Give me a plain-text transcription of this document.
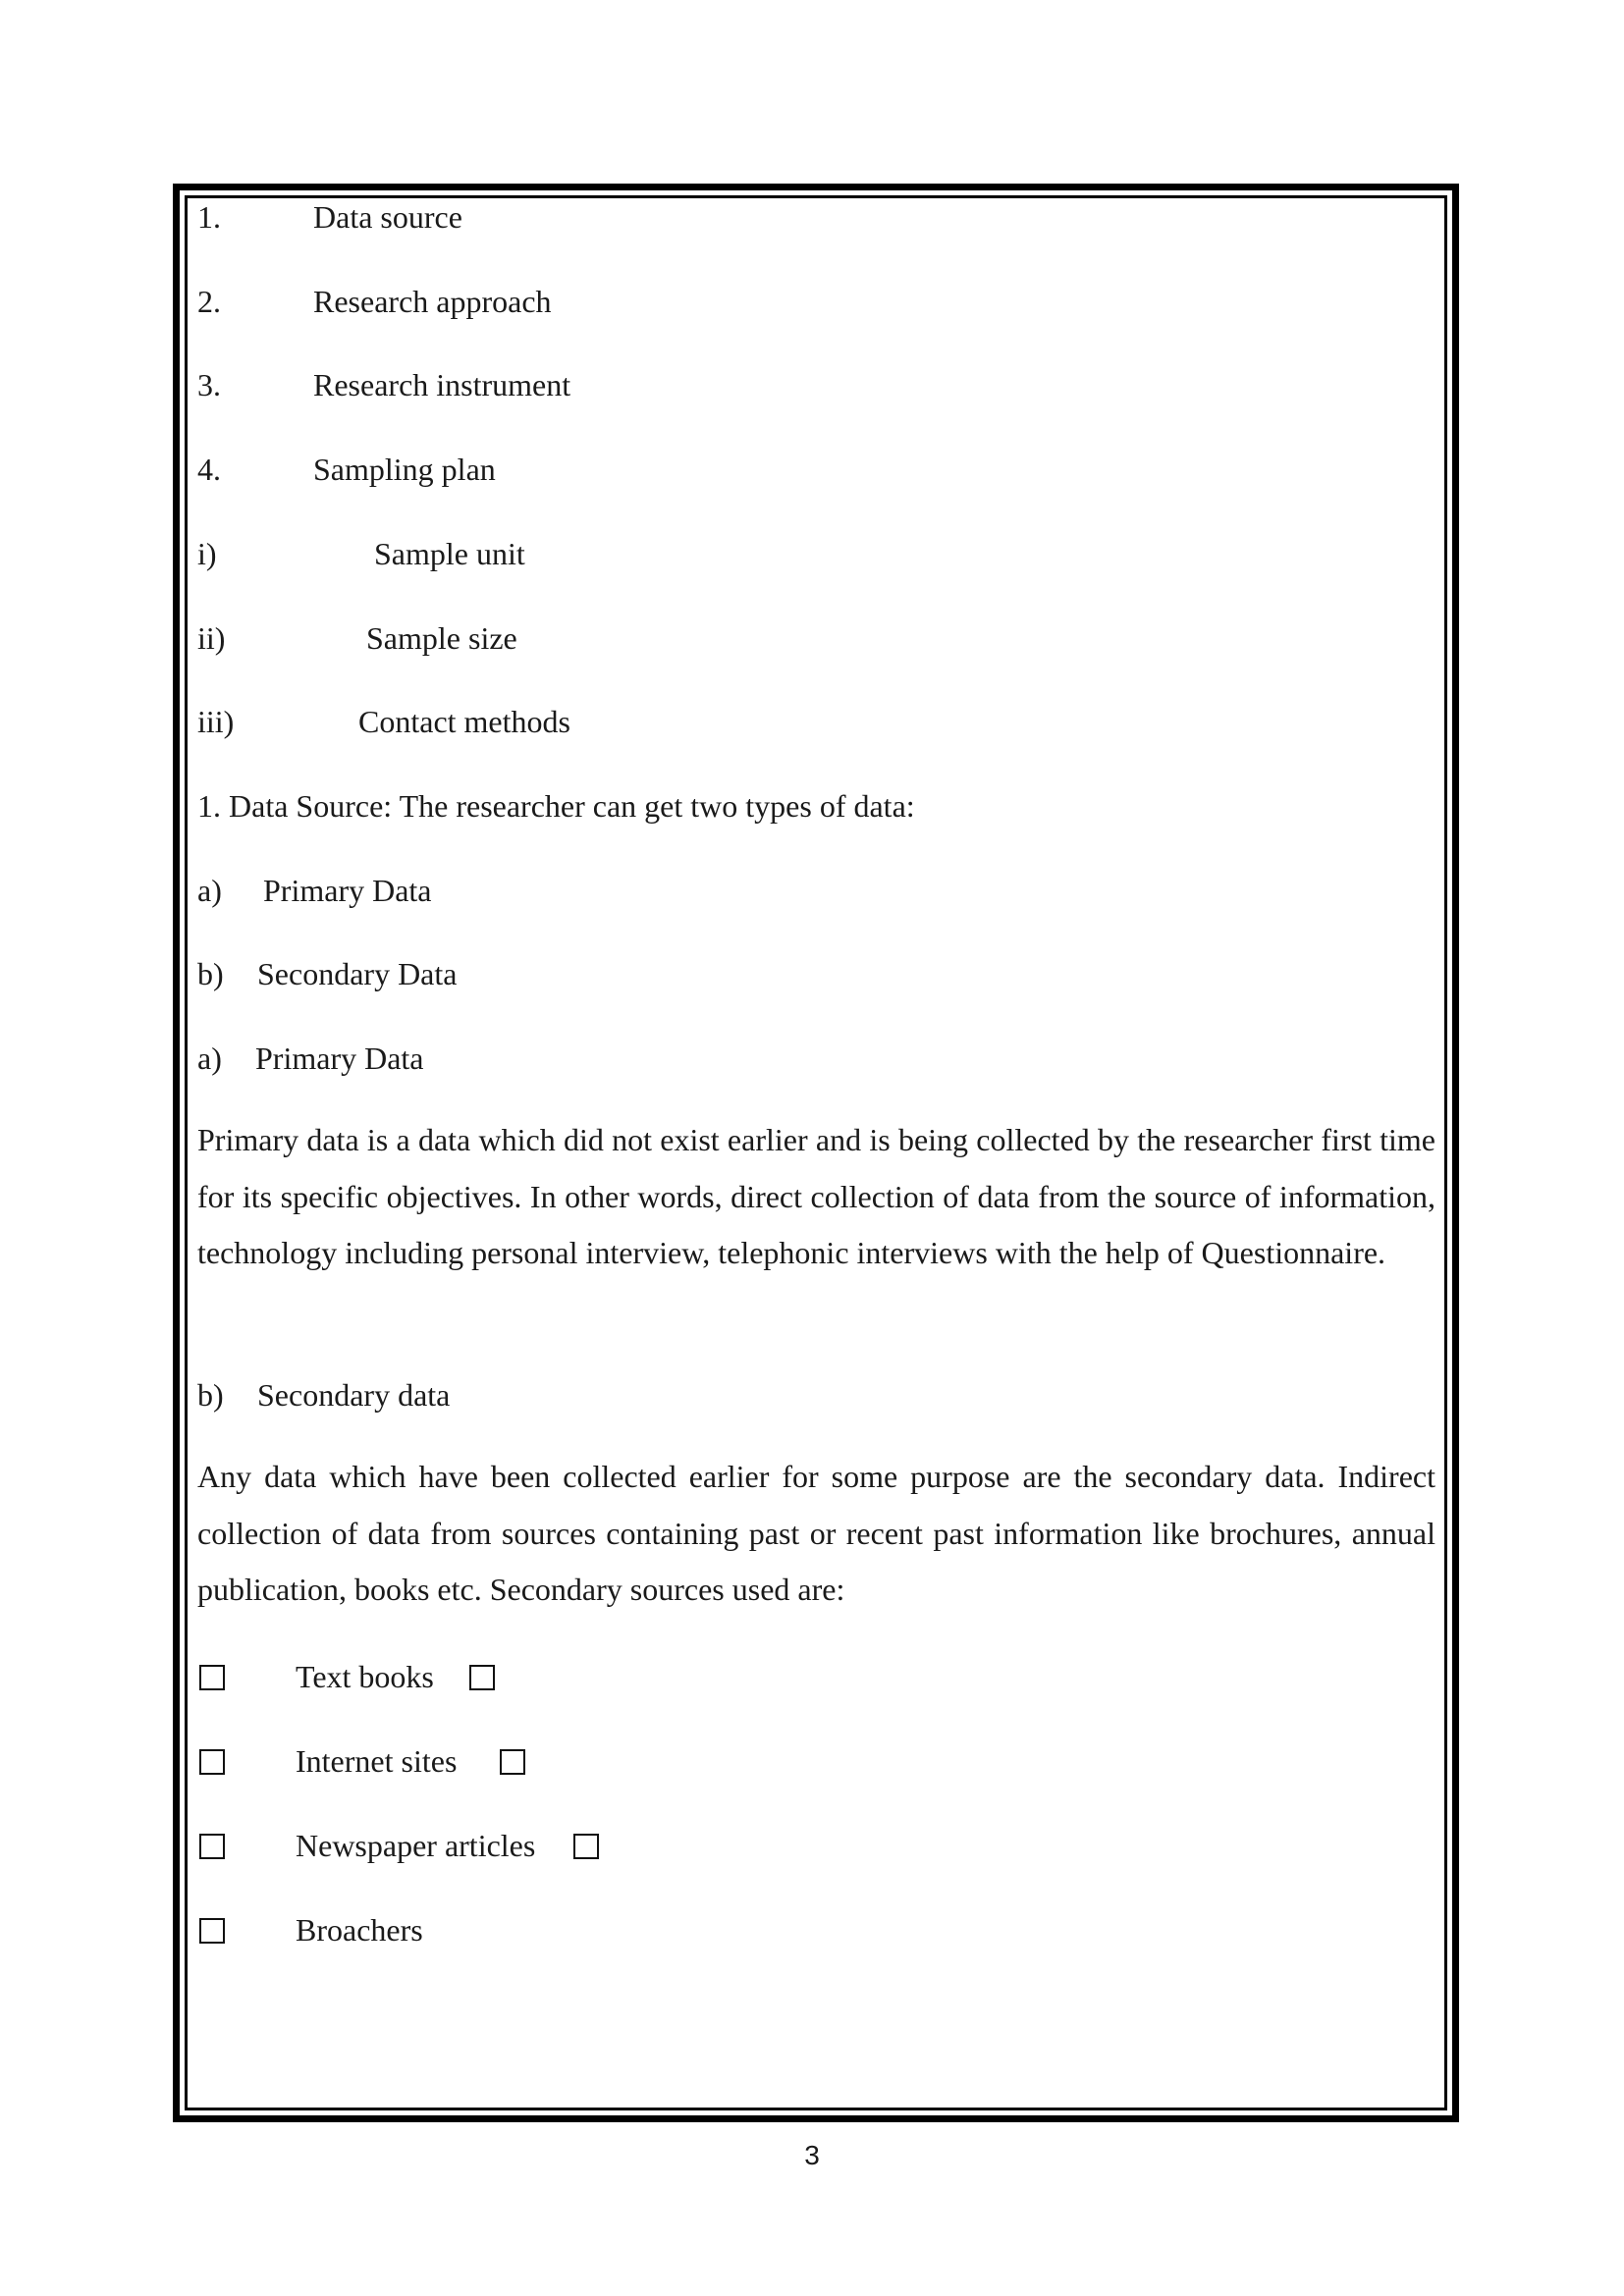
1.	Data source
2.	Research approach
3.	Research instrument
4.	Sampling plan
i)	Sample unit
ii)	Sample size
iii)	Contact methods
1. Data Source: The researcher can get two types of data:
a) Primary Data
b) Secondary Data
a) Primary Data
Primary data is a data which did not exist earlier and is being collected by the researcher first time for its specific objectives. In other words, direct collection of data from the source of information, technology including personal interview, telephonic interviews with the help of Questionnaire.
b) Secondary data
Any data which have been collected earlier for some purpose are the secondary data. Indirect collection of data from sources containing past or recent past information like brochures, annual publication, books etc. Secondary sources used are:
Text books
Internet sites
Newspaper articles
Broachers
3
